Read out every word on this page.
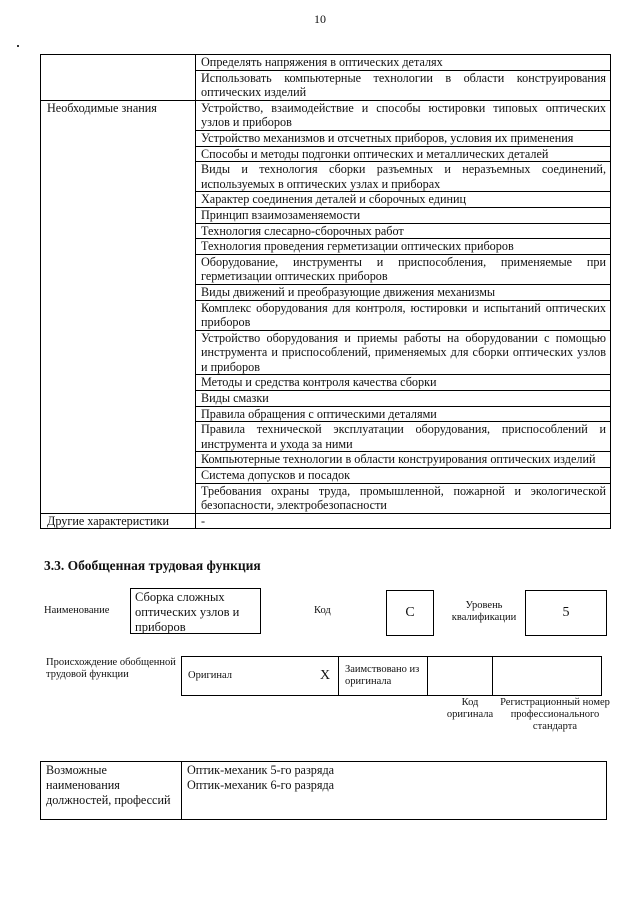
10
	Определять напряжения в оптических деталях
	Использовать компьютерные технологии в области конструирования оптических изделий
Необходимые знания	Устройство, взаимодействие и способы юстировки типовых оптических узлов и приборов
	Устройство механизмов и отсчетных приборов, условия их применения
	Способы и методы подгонки оптических и металлических деталей
	Виды и технология сборки разъемных и неразъемных соединений, используемых в оптических узлах и приборах
	Характер соединения деталей и сборочных единиц
	Принцип взаимозаменяемости
	Технология слесарно-сборочных работ
	Технология проведения герметизации оптических приборов
	Оборудование, инструменты и приспособления, применяемые при герметизации оптических приборов
	Виды движений и преобразующие движения механизмы
	Комплекс оборудования для контроля, юстировки и испытаний оптических приборов
	Устройство оборудования и приемы работы на оборудовании с помощью инструмента и приспособлений, применяемых для сборки оптических узлов и приборов
	Методы и средства контроля качества сборки
	Виды смазки
	Правила обращения с оптическими деталями
	Правила технической эксплуатации оборудования, приспособлений и инструмента и ухода за ними
	Компьютерные технологии в области конструирования оптических изделий
	Система допусков и посадок
	Требования охраны труда, промышленной, пожарной и экологической безопасности, электробезопасности
Другие характеристики	-
3.3. Обобщенная трудовая функция
Наименование
Сборка сложных оптических узлов и приборов
Код	C	Уровень квалификации	5
Происхождение обобщенной трудовой функции	Оригинал	X	Заимствовано из оригинала		
Код оригинала
Регистрационный номер профессионального стандарта
Возможные наименования должностей, профессий	
Оптик-механик 5-го разряда
Оптик-механик 6-го разряда
